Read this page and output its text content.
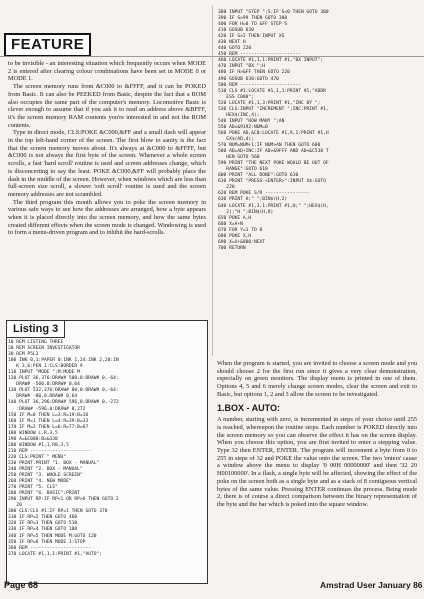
FEATURE

to be invisible - an interesting situation which frequently occurs when MODE 2 is entered after clearing colour combinations have been set in MODE 0 or MODE 1.

The screen memory runs from &C000 to &FFFF, and it can be POKED from Basic. It can also be PEEKED from Basic, despite the fact that a ROM also occupies the same part of the computer's memory. Locomotive Basic is clever enough to assume that if you ask it to read an address above &BFFF, it's the screen memory RAM contents you're interested in and not the ROM contents.

Type in direct mode, CLS:POKE &C000,&FF and a small dash will appear in the top left-hand corner of the screen. The first blow to sanity is the fact that the screen memory moves about. It's always at &C000 to &FFFF, but &C000 is not always the first byte of the screen. Whenever a whole screen scrolls, a fast 'hard scroll' routine is used and screen addresses change, which is disconcerting to say the least. POKE &C000,&FF will probably place the dash in the middle of the screen. However, when windows which are less than full-screen size scroll, a slower 'soft scroll' routine is used and the screen memory addresses are not scrambled.

The third program this month allows you to poke the screen memory in various safe ways to see how the addresses are arranged, how a byte appears when it is placed directly into the screen memory, and how the same bytes created different effects when the screen mode is changed. Windowing is used to form a menu-driven program and to inhibit the hard-scrolls.

Listing 3
10 REM LISTING THREE
20 REM SCREEN INVESTIGATOR
30 REM P5L3
100 INK 0,1:PAPER 0:INK 1,24:INK 2,20:IN
K 3,6:PEN 1:CLS:BORDER 9
110 INPUT "MODE ";M:MODE M
120 PLOT 36,376:DRAW# 500,0:DRAW# 0,-64:
DRAW# -500,0:DRAW# 0,64
130 PLOT 532,376:DRAW# 80,0:DRAW# 0,-64:
DRAW# -80,0:DRAW# 0,64
140 PLOT 36,296:DRAW# 596,0:DRAW# 0,-272
:DRAW# -596,0:DRAW# 0,272
150 IF M=0 THEN L=3:R=19:B=16
160 IF M=1 THEN L=4:R=39:B=33
170 IF M=2 THEN L=6:R=77:B=67
180 WINDOW L,R,3,5
190 A=&C000:B=&338
200 WINDOW #1,1,R8,3,5
210 REM ----------------------
220 CLS:PRINT " MENU"
230 PRINT:PRINT "1. BOX - MANUAL"
240 PRINT "2. BOX - MANUAL"
250 PRINT "3. WHOLE SCREEN"
260 PRINT "4. NEW MODE"
270 PRINT "5. CLS"
280 PRINT "6. BASIC":PRINT
290 INPUT RP:IF RP<1 OR RP>6 THEN GOTO 2
20
300 CLS:CLS #1:IF RP=1 THEN GOTO 370
310 IF RP=2 THEN GOTO 460
320 IF RP=3 THEN GOTO 510
330 IF RP=4 THEN GOTO 100
340 IF RP=5 THEN MODE M:GOTO 120
350 IF RP=6 THEN MODE 1:STOP
360 REM ----------------------
370 LOCATE #1,1,1:PRINT #1,"AUTO";
380 INPUT "STEP ";S:IF S<0 THEN GOTO 380
390 IF S>99 THEN GOTO 380
400 FOR H=0 TO &FF STEP S
410 GOSUB 630
420 IF S>2 THEN INPUT XS
430 NEXT H
440 GOTO 220
450 REM ----------------------
460 LOCATE #1,1,1:PRINT #1,"BX INPUT";
470 INPUT "BX ";H
480 IF H>&FF THEN GOTO 220
490 GOSUB 630:GOTO 470
500 REM ----------------------
510 CLS #1:LOCATE #1,1,1:PRINT #1,"ADDR
ESS C000";
520 LOCATE #1,1,3:PRINT #1,"INC BY ";
530 CLS:INPUT "INCREMENT ";INC:PRINT #1,
HEX$(INC,4);
540 INPUT "HOW MANY ";AN
550 AD=&9192:NUM=0
560 POKE AD,&C0:LOCATE #1,9,1:PRINT #1,H
EX$(AD,4);
570 NUM=NUM+1:IF NUM>AN THEN GOTO 600
580 AD=AD+INC:IF AD>&9FFF AND AD<&C530 T
HEN GOTO 560
590 PRINT "THE NEXT POKE WOULD BE OUT OF
RANGE":GOTO 610
600 PRINT "ALL DONE":GOTO 610
610 PRINT "PRESS <ENTER>":INPUT X$:GOTO
220
620 REM POKE S/R ----------------
630 PRINT H;" ";BIN$(H,2)
640 LOCATE #1,3,1:PRINT #1,H;" ";HEX$(H,
2);"H ";BIN$(H,8)
650 POKE A,H
660 X=A+N
670 FOR Y=1 TO 8
680 POKE X,H
690 X=X+&800:NEXT
700 RETURN

When the program is started, you are invited to choose a screen mode and you should choose 2 for the first run since it gives a very clear demonstration, especially on green monitors. The display menu is printed in one of them. Options 4, 5 and 6 merely change screen modes, clear the screen and exit to Basic, but options 1, 2 and 3 allow the screen to be investigated.

1.BOX - AUTO:

A number, starting with zero, is incremented in steps of your choice until 255 is reached, whereupon the routine stops. Each number is POKED directly into the screen memory so you can observe the effect it has on the screen display. When you choose this option, you are first invited to enter a stepping value. Type 32 then ENTER, ENTER. The program will increment a byte from 0 to 255 in steps of 32 and POKE the value onto the screen. The two 'enters' cause a window above the menu to display '0 00H 00000000' and then '32 20 H00100000'. In a flash, a single byte will be affected, showing the effect of the poke on the screen both as a single byte and as a stack of 8 contiguous vertical bytes of the same value. Pressing ENTER continues the process. Being mode 2, there is of course a direct comparison between the binary representation of the byte and the bar which is poked into the square window.

Page 68	Amstrad User January 86
